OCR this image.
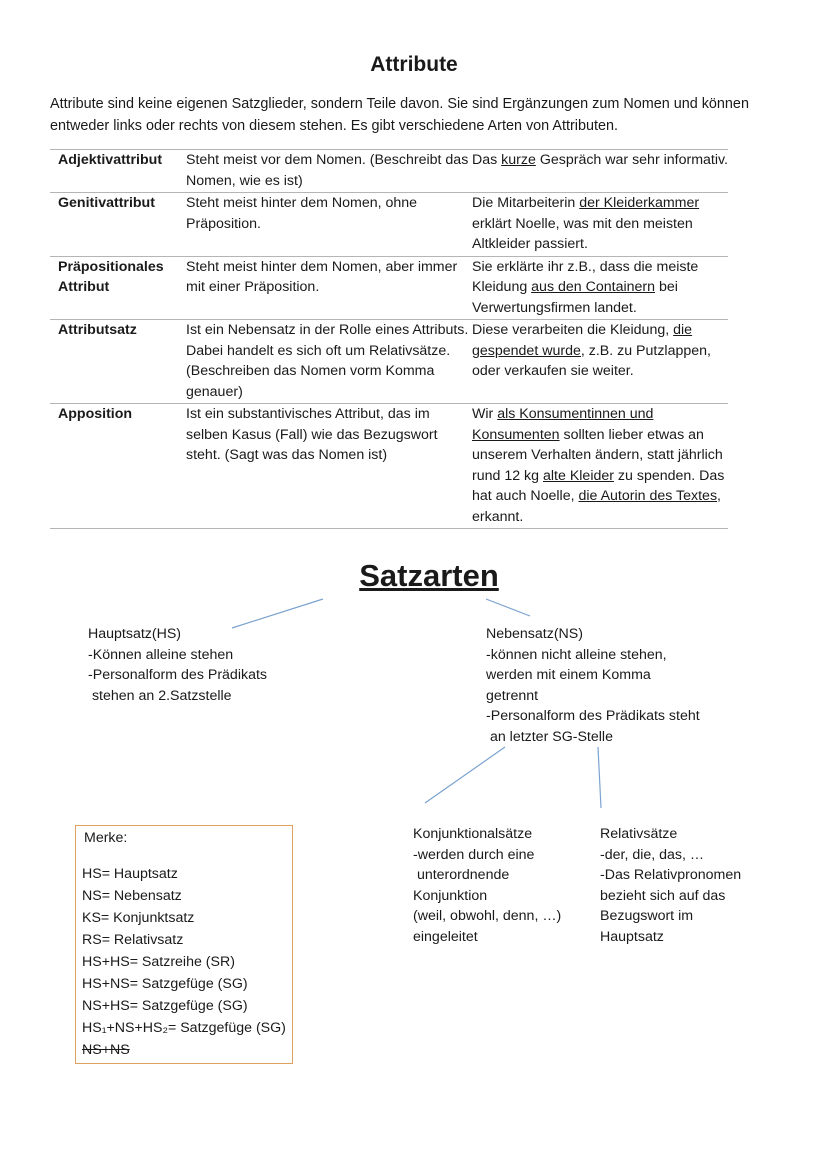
Attribute
Attribute sind keine eigenen Satzglieder, sondern Teile davon. Sie sind Ergänzungen zum Nomen und können entweder links oder rechts von diesem stehen. Es gibt verschiedene Arten von Attributen.
Adjektivattribut	Steht meist vor dem Nomen. (Beschreibt das Nomen, wie es ist)	Das kurze Gespräch war sehr informativ.
Genitivattribut	Steht meist hinter dem Nomen, ohne Präposition.	Die Mitarbeiterin der Kleiderkammer erklärt Noelle, was mit den meisten Altkleider passiert.
Präpositionales Attribut	Steht meist hinter dem Nomen, aber immer mit einer Präposition.	Sie erklärte ihr z.B., dass die meiste Kleidung aus den Containern bei Verwertungsfirmen landet.
Attributsatz	Ist ein Nebensatz in der Rolle eines Attributs. Dabei handelt es sich oft um Relativsätze. (Beschreiben das Nomen vorm Komma genauer)	Diese verarbeiten die Kleidung, die gespendet wurde, z.B. zu Putzlappen, oder verkaufen sie weiter.
Apposition	Ist ein substantivisches Attribut, das im selben Kasus (Fall) wie das Bezugswort steht. (Sagt was das Nomen ist)	Wir als Konsumentinnen und Konsumenten sollten lieber etwas an unserem Verhalten ändern, statt jährlich rund 12 kg alte Kleider zu spenden. Das hat auch Noelle, die Autorin des Textes, erkannt.
Satzarten
Hauptsatz(HS)
-Können alleine stehen
-Personalform des Prädikats
stehen an 2.Satzstelle
Nebensatz(NS)
-können nicht alleine stehen,
werden mit einem Komma
getrennt
-Personalform des Prädikats steht
an letzter SG-Stelle
Konjunktionalsätze
-werden durch eine
unterordnende
Konjunktion
(weil, obwohl, denn, …)
eingeleitet
Relativsätze
-der, die, das, …
-Das Relativpronomen
bezieht sich auf das
Bezugswort im
Hauptsatz
Merke:
HS= Hauptsatz
NS= Nebensatz
KS= Konjunktsatz
RS= Relativsatz
HS+HS= Satzreihe (SR)
HS+NS= Satzgefüge (SG)
NS+HS= Satzgefüge (SG)
HS₁+NS+HS₂= Satzgefüge (SG)
NS+NS
